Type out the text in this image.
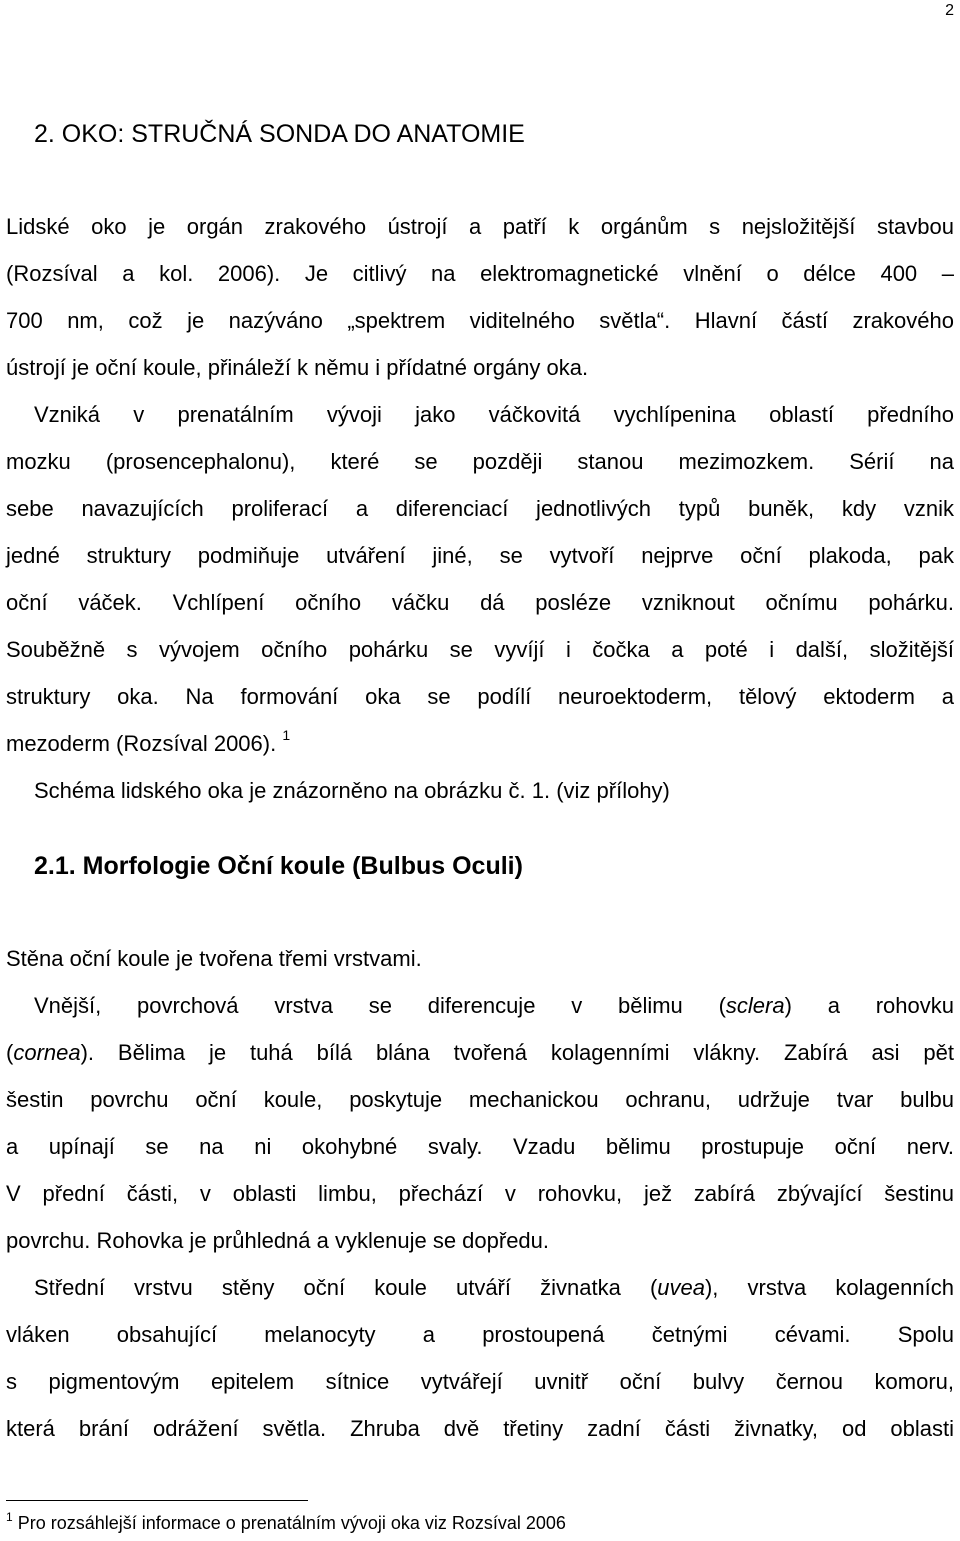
2
2. OKO: STRUČNÁ SONDA DO ANATOMIE
Lidské oko je orgán zrakového ústrojí a patří k orgánům s nejsložitější stavbou
(Rozsíval a kol. 2006). Je citlivý na elektromagnetické vlnění o délce 400 –
700 nm, což je nazýváno „spektrem viditelného světla“. Hlavní částí zrakového
ústrojí je oční koule, přináleží k němu i přídatné orgány oka.
Vzniká v prenatálním vývoji jako váčkovitá vychlípenina oblastí předního
mozku (prosencephalonu), které se později stanou mezimozkem. Sérií na
sebe navazujících proliferací a diferenciací jednotlivých typů buněk, kdy vznik
jedné struktury podmiňuje utváření jiné, se vytvoří nejprve oční plakoda, pak
oční váček. Vchlípení očního váčku dá posléze vzniknout očnímu pohárku.
Souběžně s vývojem očního pohárku se vyvíjí i čočka a poté i další, složitější
struktury oka. Na formování oka se podílí neuroektoderm, tělový ektoderm a
mezoderm (Rozsíval 2006). $^1$
Schéma lidského oka je znázorněno na obrázku č. 1. (viz přílohy)
2.1. Morfologie Oční koule (Bulbus Oculi)
Stěna oční koule je tvořena třemi vrstvami.
Vnější, povrchová vrstva se diferencuje v bělimu (sclera) a rohovku
(cornea). Bělima je tuhá bílá blána tvořená kolagenními vlákny. Zabírá asi pět
šestin povrchu oční koule, poskytuje mechanickou ochranu, udržuje tvar bulbu
a upínají se na ni okohybné svaly. Vzadu bělimu prostupuje oční nerv.
V přední části, v oblasti limbu, přechází v rohovku, jež zabírá zbývající šestinu
povrchu. Rohovka je průhledná a vyklenuje se dopředu.
Střední vrstvu stěny oční koule utváří živnatka (uvea), vrstva kolagenních
vláken obsahující melanocyty a prostoupená četnými cévami. Spolu
s pigmentovým epitelem sítnice vytvářejí uvnitř oční bulvy černou komoru,
která brání odrážení světla. Zhruba dvě třetiny zadní části živnatky, od oblasti
$^1$ Pro rozsáhlejší informace o prenatálním vývoji oka viz Rozsíval 2006
